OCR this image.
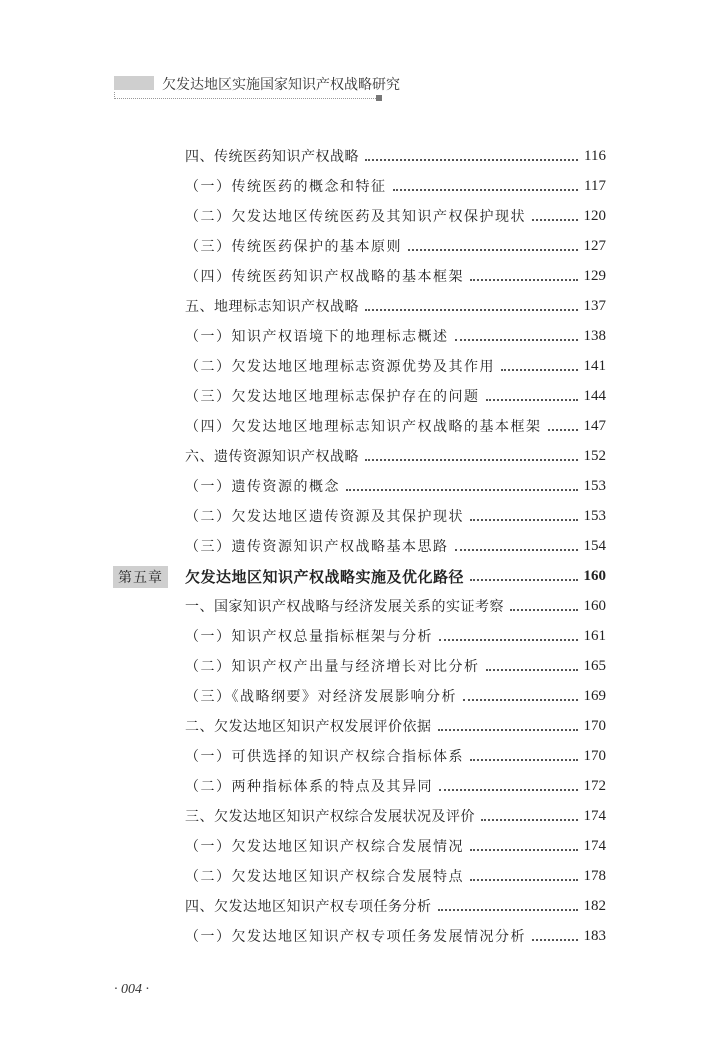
欠发达地区实施国家知识产权战略研究
四、传统医药知识产权战略	116
（一）传统医药的概念和特征	117
（二）欠发达地区传统医药及其知识产权保护现状	120
（三）传统医药保护的基本原则	127
（四）传统医药知识产权战略的基本框架	129
五、地理标志知识产权战略	137
（一）知识产权语境下的地理标志概述	138
（二）欠发达地区地理标志资源优势及其作用	141
（三）欠发达地区地理标志保护存在的问题	144
（四）欠发达地区地理标志知识产权战略的基本框架	147
六、遗传资源知识产权战略	152
（一）遗传资源的概念	153
（二）欠发达地区遗传资源及其保护现状	153
（三）遗传资源知识产权战略基本思路	154
第五章	欠发达地区知识产权战略实施及优化路径	160
一、国家知识产权战略与经济发展关系的实证考察	160
（一）知识产权总量指标框架与分析	161
（二）知识产权产出量与经济增长对比分析	165
（三）《战略纲要》对经济发展影响分析	169
二、欠发达地区知识产权发展评价依据	170
（一）可供选择的知识产权综合指标体系	170
（二）两种指标体系的特点及其异同	172
三、欠发达地区知识产权综合发展状况及评价	174
（一）欠发达地区知识产权综合发展情况	174
（二）欠发达地区知识产权综合发展特点	178
四、欠发达地区知识产权专项任务分析	182
（一）欠发达地区知识产权专项任务发展情况分析	183
· 004 ·
